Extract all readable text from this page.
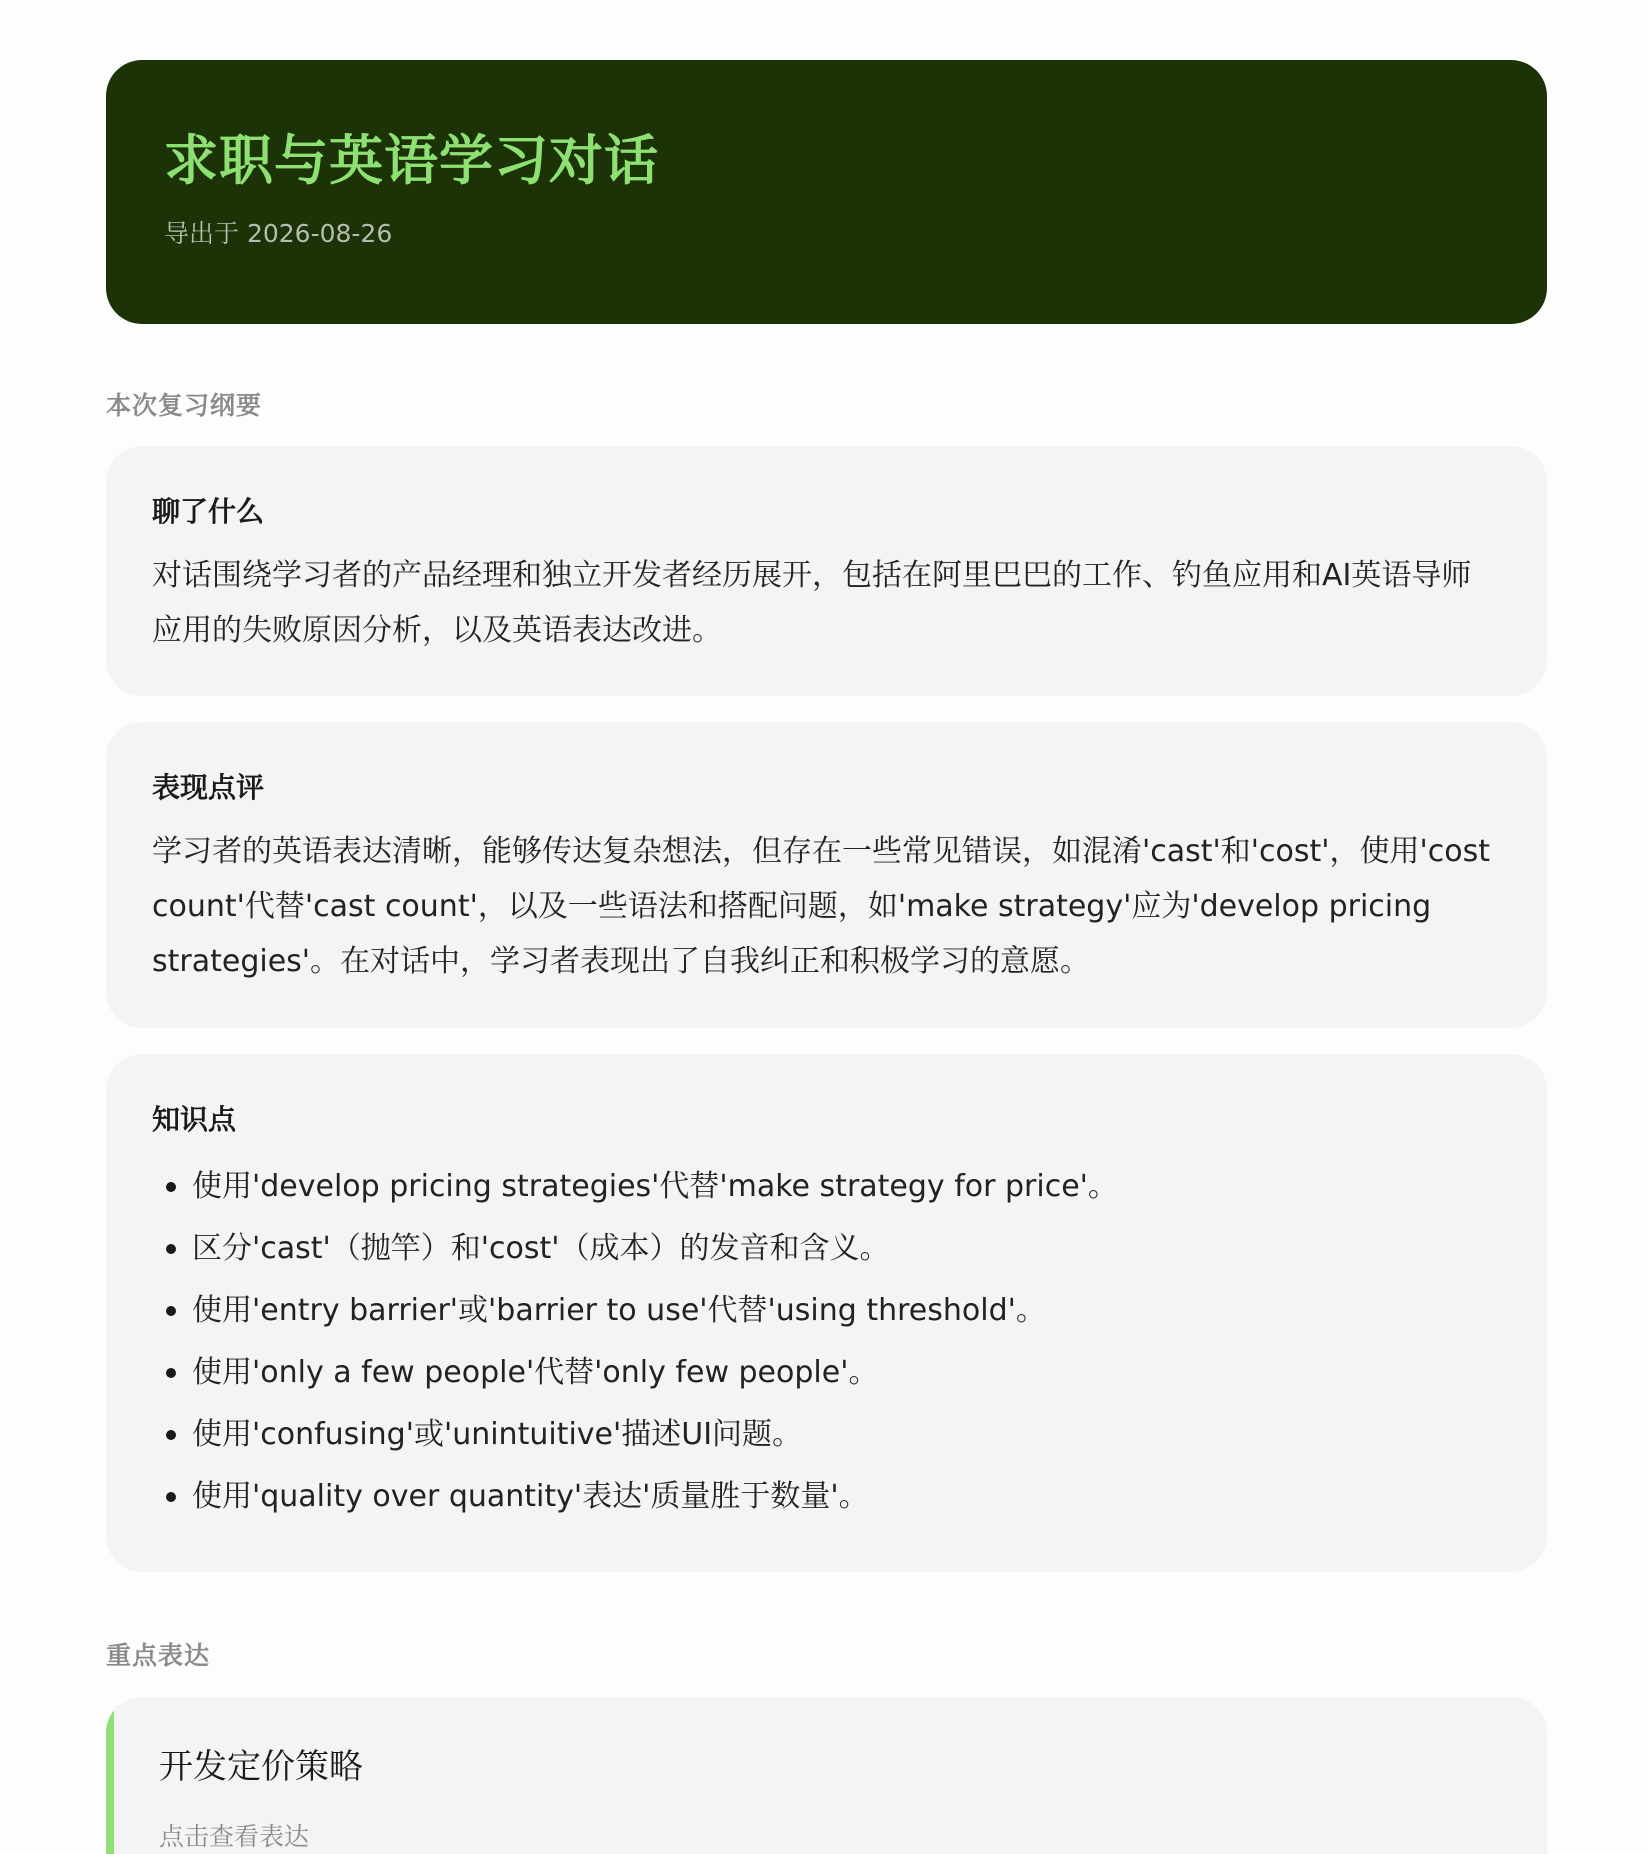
求职与英语学习对话
导出于 2026-08-26
本次复习纲要
聊了什么

对话围绕学习者的产品经理和独立开发者经历展开，包括在阿里巴巴的工作、钓鱼应用和AI英语导师应用的失败原因分析，以及英语表达改进。

表现点评

学习者的英语表达清晰，能够传达复杂想法，但存在一些常见错误，如混淆'cast'和'cost'，使用'cost count'代替'cast count'，以及一些语法和搭配问题，如'make strategy'应为'develop pricing strategies'。在对话中，学习者表现出了自我纠正和积极学习的意愿。

知识点
使用'develop pricing strategies'代替'make strategy for price'。
区分'cast'（抛竿）和'cost'（成本）的发音和含义。
使用'entry barrier'或'barrier to use'代替'using threshold'。
使用'only a few people'代替'only few people'。
使用'confusing'或'unintuitive'描述UI问题。
使用'quality over quantity'表达'质量胜于数量'。
重点表达
开发定价策略
点击查看表达
